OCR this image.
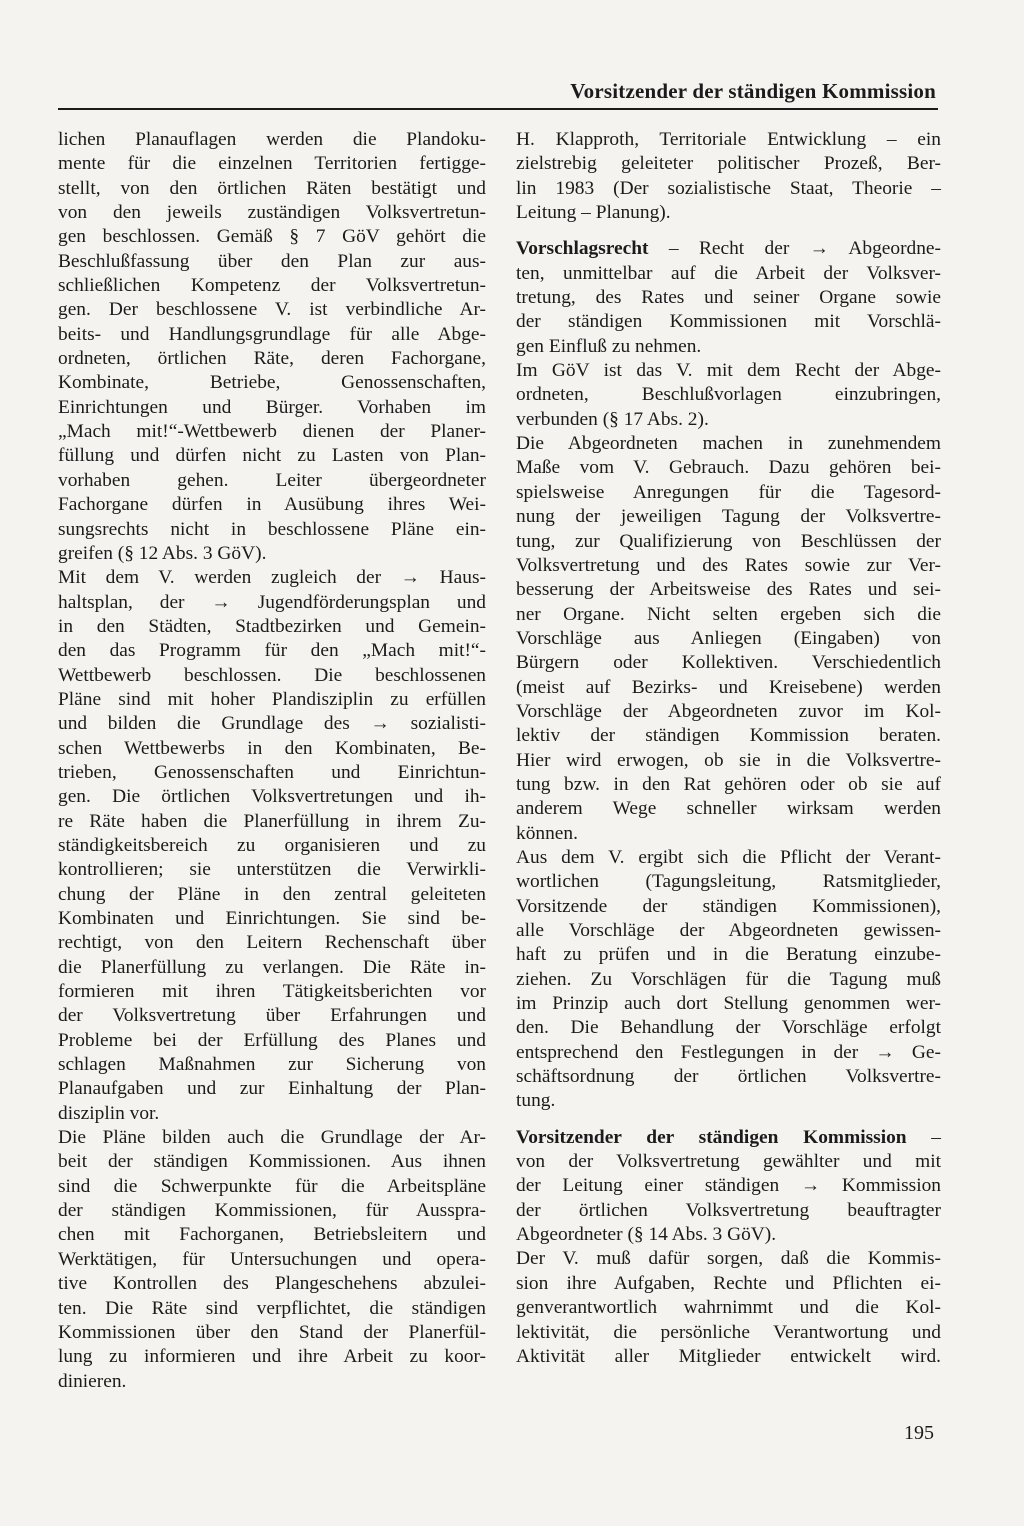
Vorsitzender der ständigen Kommission
lichen Planauflagen werden die Plandoku-
mente für die einzelnen Territorien fertigge-
stellt, von den örtlichen Räten bestätigt und
von den jeweils zuständigen Volksvertretun-
gen beschlossen. Gemäß § 7 GöV gehört die
Beschlußfassung über den Plan zur aus-
schließlichen Kompetenz der Volksvertretun-
gen. Der beschlossene V. ist verbindliche Ar-
beits- und Handlungsgrundlage für alle Abge-
ordneten, örtlichen Räte, deren Fachorgane,
Kombinate, Betriebe, Genossenschaften,
Einrichtungen und Bürger. Vorhaben im
„Mach mit!“-Wettbewerb dienen der Planer-
füllung und dürfen nicht zu Lasten von Plan-
vorhaben gehen. Leiter übergeordneter
Fachorgane dürfen in Ausübung ihres Wei-
sungsrechts nicht in beschlossene Pläne ein-
greifen (§ 12 Abs. 3 GöV).
Mit dem V. werden zugleich der → Haus-
haltsplan, der → Jugendförderungsplan und
in den Städten, Stadtbezirken und Gemein-
den das Programm für den „Mach mit!“-
Wettbewerb beschlossen. Die beschlossenen
Pläne sind mit hoher Plandisziplin zu erfüllen
und bilden die Grundlage des → sozialisti-
schen Wettbewerbs in den Kombinaten, Be-
trieben, Genossenschaften und Einrichtun-
gen. Die örtlichen Volksvertretungen und ih-
re Räte haben die Planerfüllung in ihrem Zu-
ständigkeitsbereich zu organisieren und zu
kontrollieren; sie unterstützen die Verwirkli-
chung der Pläne in den zentral geleiteten
Kombinaten und Einrichtungen. Sie sind be-
rechtigt, von den Leitern Rechenschaft über
die Planerfüllung zu verlangen. Die Räte in-
formieren mit ihren Tätigkeitsberichten vor
der Volksvertretung über Erfahrungen und
Probleme bei der Erfüllung des Planes und
schlagen Maßnahmen zur Sicherung von
Planaufgaben und zur Einhaltung der Plan-
disziplin vor.
Die Pläne bilden auch die Grundlage der Ar-
beit der ständigen Kommissionen. Aus ihnen
sind die Schwerpunkte für die Arbeitspläne
der ständigen Kommissionen, für Ausspra-
chen mit Fachorganen, Betriebsleitern und
Werktätigen, für Untersuchungen und opera-
tive Kontrollen des Plangeschehens abzulei-
ten. Die Räte sind verpflichtet, die ständigen
Kommissionen über den Stand der Planerfül-
lung zu informieren und ihre Arbeit zu koor-
dinieren.
H. Klapproth, Territoriale Entwicklung – ein
zielstrebig geleiteter politischer Prozeß, Ber-
lin 1983 (Der sozialistische Staat, Theorie –
Leitung – Planung).
Vorschlagsrecht – Recht der → Abgeordne-
ten, unmittelbar auf die Arbeit der Volksver-
tretung, des Rates und seiner Organe sowie
der ständigen Kommissionen mit Vorschlä-
gen Einfluß zu nehmen.
Im GöV ist das V. mit dem Recht der Abge-
ordneten, Beschlußvorlagen einzubringen,
verbunden (§ 17 Abs. 2).
Die Abgeordneten machen in zunehmendem
Maße vom V. Gebrauch. Dazu gehören bei-
spielsweise Anregungen für die Tagesord-
nung der jeweiligen Tagung der Volksvertre-
tung, zur Qualifizierung von Beschlüssen der
Volksvertretung und des Rates sowie zur Ver-
besserung der Arbeitsweise des Rates und sei-
ner Organe. Nicht selten ergeben sich die
Vorschläge aus Anliegen (Eingaben) von
Bürgern oder Kollektiven. Verschiedentlich
(meist auf Bezirks- und Kreisebene) werden
Vorschläge der Abgeordneten zuvor im Kol-
lektiv der ständigen Kommission beraten.
Hier wird erwogen, ob sie in die Volksvertre-
tung bzw. in den Rat gehören oder ob sie auf
anderem Wege schneller wirksam werden
können.
Aus dem V. ergibt sich die Pflicht der Verant-
wortlichen (Tagungsleitung, Ratsmitglieder,
Vorsitzende der ständigen Kommissionen),
alle Vorschläge der Abgeordneten gewissen-
haft zu prüfen und in die Beratung einzube-
ziehen. Zu Vorschlägen für die Tagung muß
im Prinzip auch dort Stellung genommen wer-
den. Die Behandlung der Vorschläge erfolgt
entsprechend den Festlegungen in der → Ge-
schäftsordnung der örtlichen Volksvertre-
tung.
Vorsitzender der ständigen Kommission –
von der Volksvertretung gewählter und mit
der Leitung einer ständigen → Kommission
der örtlichen Volksvertretung beauftragter
Abgeordneter (§ 14 Abs. 3 GöV).
Der V. muß dafür sorgen, daß die Kommis-
sion ihre Aufgaben, Rechte und Pflichten ei-
genverantwortlich wahrnimmt und die Kol-
lektivität, die persönliche Verantwortung und
Aktivität aller Mitglieder entwickelt wird.
195
